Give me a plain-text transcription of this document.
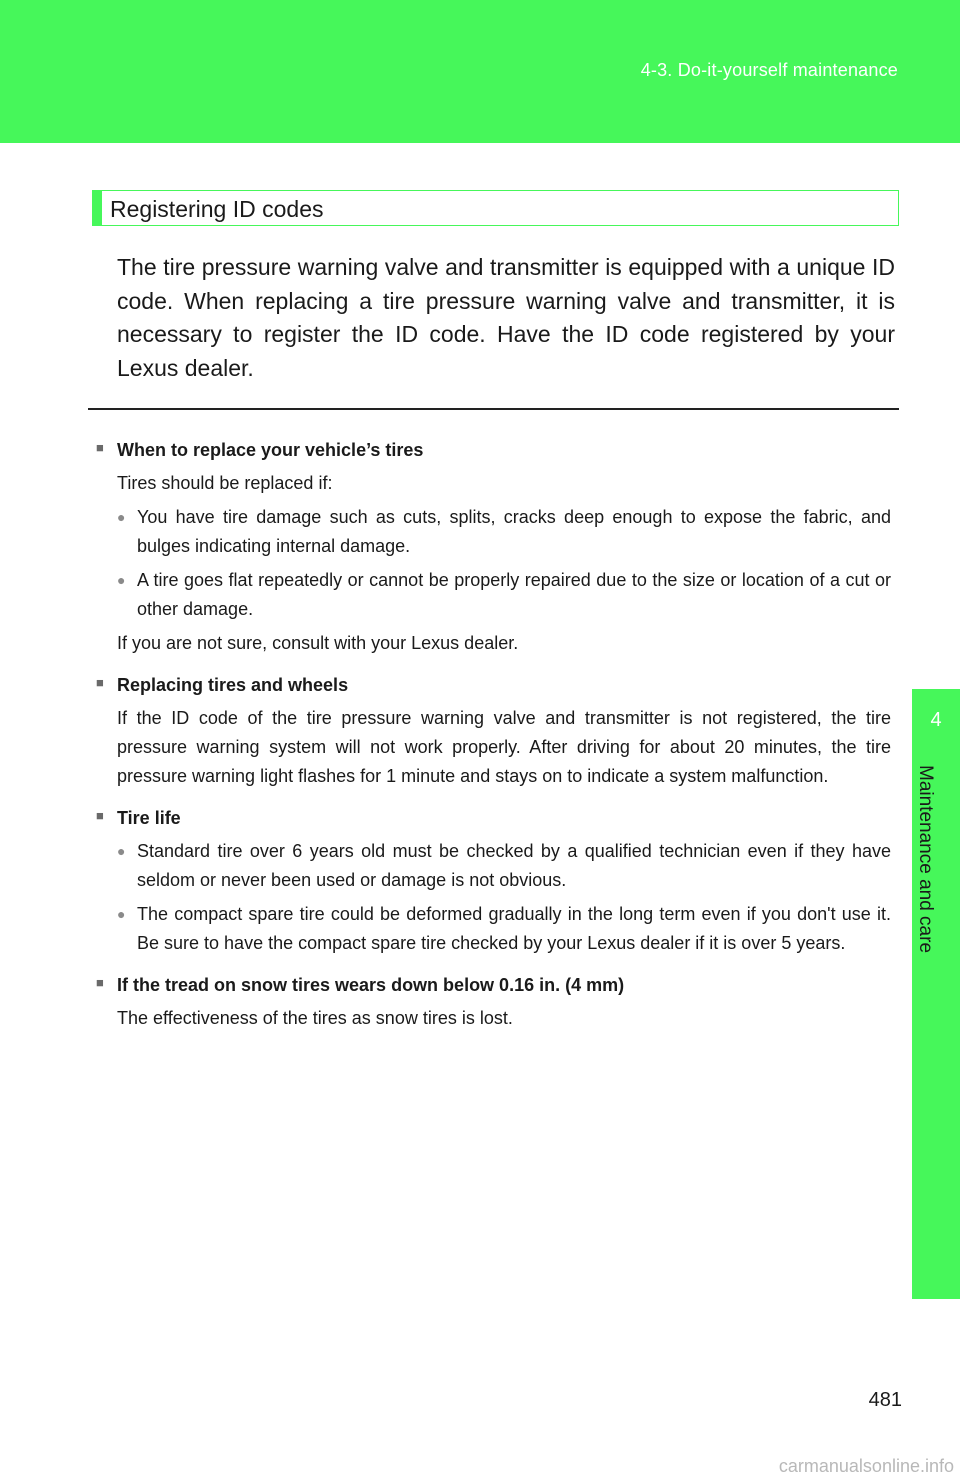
4-3. Do-it-yourself maintenance
4
Maintenance and care
Registering ID codes
The tire pressure warning valve and transmitter is equipped with a unique ID code. When replacing a tire pressure warning valve and transmitter, it is necessary to register the ID code. Have the ID code registered by your Lexus dealer.
■ When to replace your vehicle’s tires
Tires should be replaced if:
● You have tire damage such as cuts, splits, cracks deep enough to expose the fabric, and bulges indicating internal damage.
● A tire goes flat repeatedly or cannot be properly repaired due to the size or location of a cut or other damage.
If you are not sure, consult with your Lexus dealer.
■ Replacing tires and wheels
If the ID code of the tire pressure warning valve and transmitter is not registered, the tire pressure warning system will not work properly. After driving for about 20 minutes, the tire pressure warning light flashes for 1 minute and stays on to indicate a system malfunction.
■ Tire life
● Standard tire over 6 years old must be checked by a qualified technician even if they have seldom or never been used or damage is not obvious.
● The compact spare tire could be deformed gradually in the long term even if you don't use it. Be sure to have the compact spare tire checked by your Lexus dealer if it is over 5 years.
■ If the tread on snow tires wears down below 0.16 in. (4 mm)
The effectiveness of the tires as snow tires is lost.
481
carmanualsonline.info
